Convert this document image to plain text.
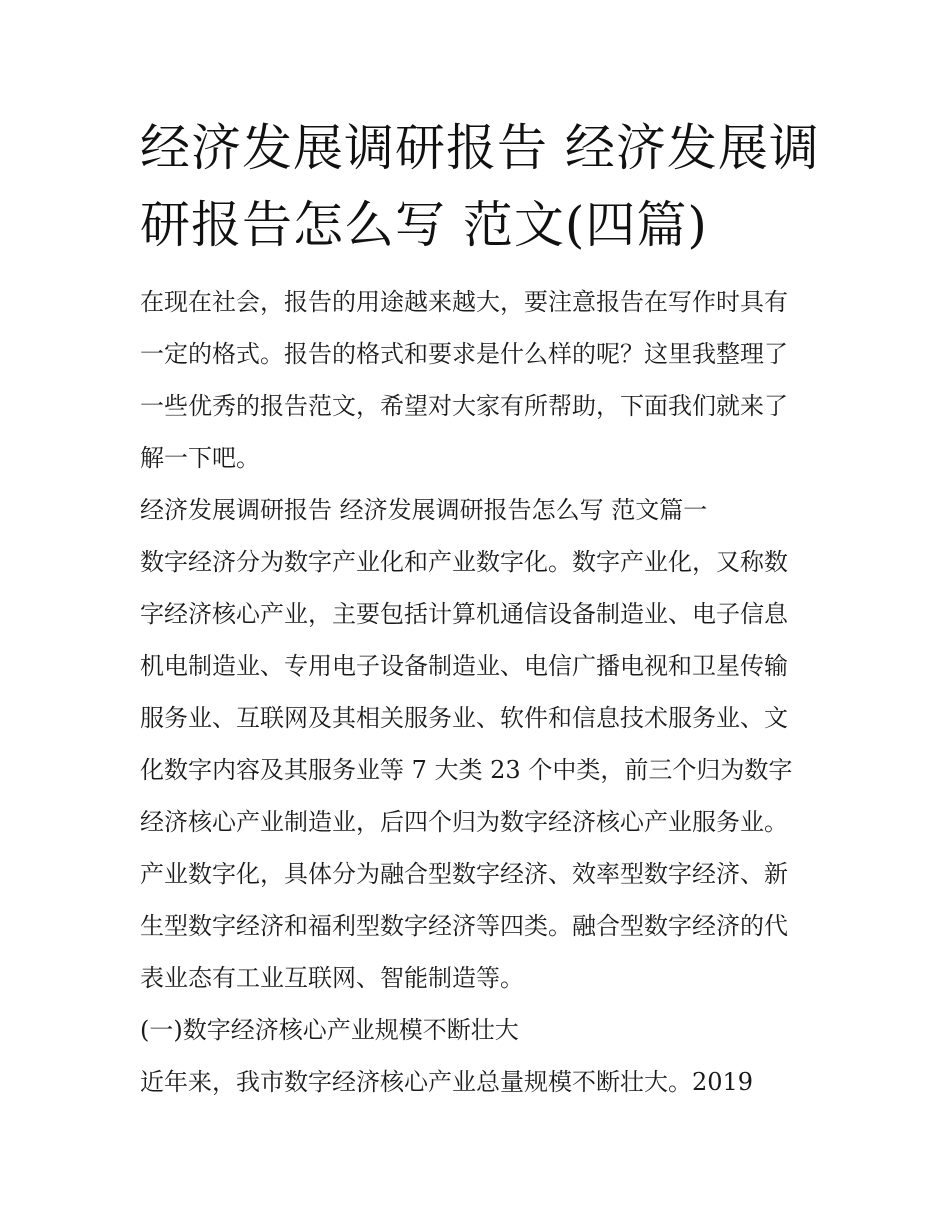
经济发展调研报告 经济发展调
研报告怎么写 范文(四篇)
在现在社会，报告的用途越来越大，要注意报告在写作时具有
一定的格式。报告的格式和要求是什么样的呢？这里我整理了
一些优秀的报告范文，希望对大家有所帮助，下面我们就来了
解一下吧。
经济发展调研报告 经济发展调研报告怎么写 范文篇一
数字经济分为数字产业化和产业数字化。数字产业化，又称数
字经济核心产业，主要包括计算机通信设备制造业、电子信息
机电制造业、专用电子设备制造业、电信广播电视和卫星传输
服务业、互联网及其相关服务业、软件和信息技术服务业、文
化数字内容及其服务业等 7 大类 23 个中类，前三个归为数字
经济核心产业制造业，后四个归为数字经济核心产业服务业。
产业数字化，具体分为融合型数字经济、效率型数字经济、新
生型数字经济和福利型数字经济等四类。融合型数字经济的代
表业态有工业互联网、智能制造等。
(一)数字经济核心产业规模不断壮大
近年来，我市数字经济核心产业总量规模不断壮大。2019
